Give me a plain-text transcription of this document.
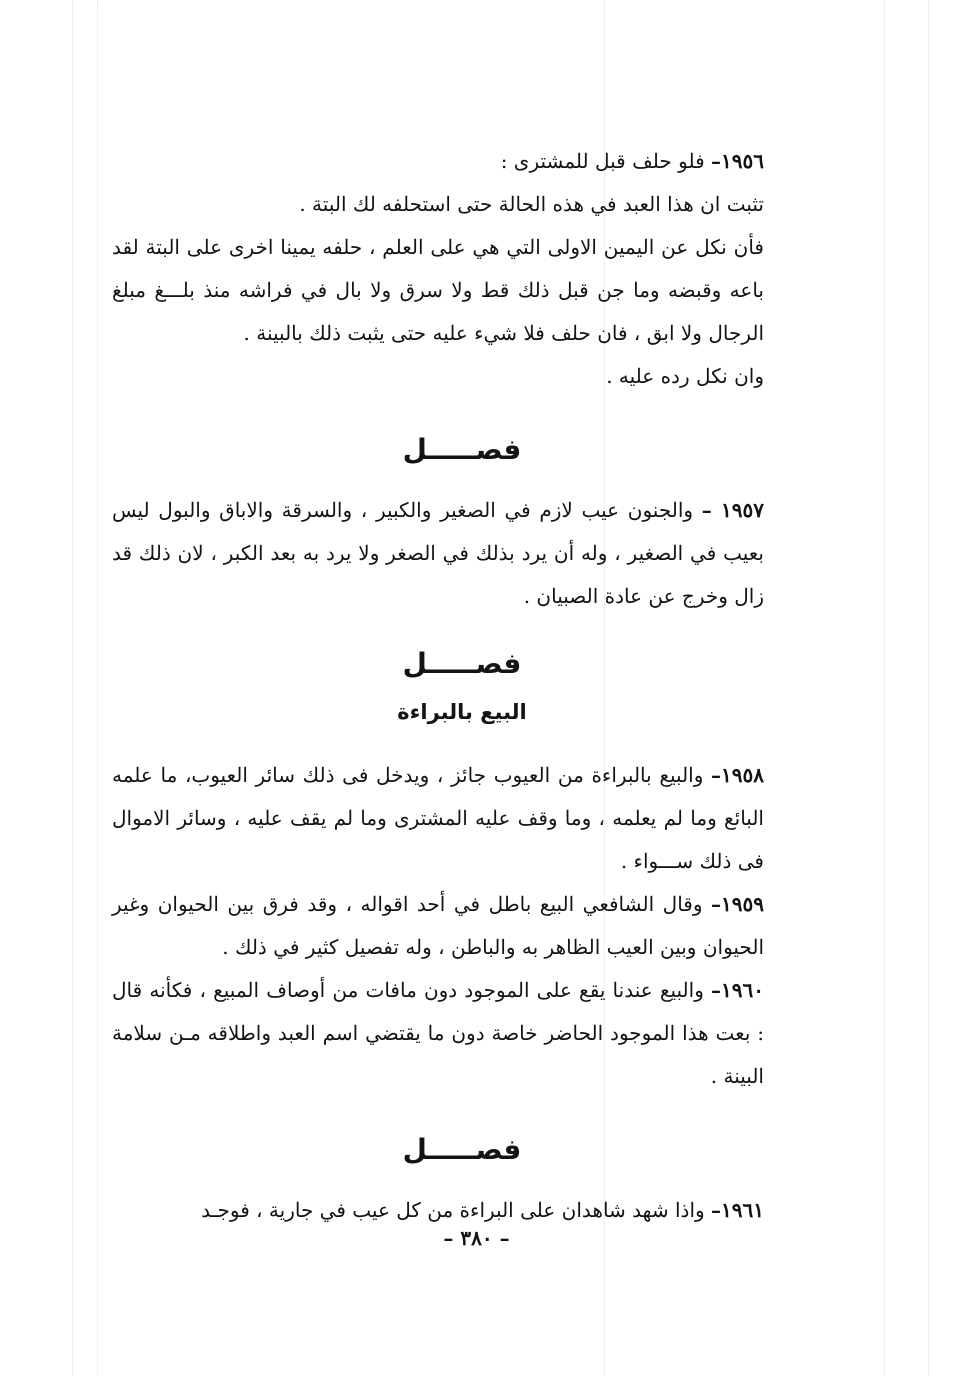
١٩٥٦– فلو حلف قبل للمشترى :
تثبت ان هذا العبد في هذه الحالة حتى استحلفه لك البتة .
فأن نكل عن اليمين الاولى التي هي على العلم ، حلفه يمينا اخرى على البتة لقد باعه وقبضه وما جن قبل ذلك قط ولا سرق ولا بال في فراشه منذ بلـــغ مبلغ الرجال ولا ابق ، فان حلف فلا شيء عليه حتى يثبت ذلك بالبينة .
وان نكل رده عليه .
فصـــــل
١٩٥٧ – والجنون عيب لازم في الصغير والكبير ، والسرقة والاباق والبول ليس بعيب في الصغير ، وله أن يرد بذلك في الصغر ولا يرد به بعد الكبر ، لان ذلك قد زال وخرج عن عادة الصبيان .
فصـــــل
البيع بالبراءة
١٩٥٨– والبيع بالبراءة من العيوب جائز ، ويدخل فى ذلك سائر العيوب، ما علمه البائع وما لم يعلمه ، وما وقف عليه المشترى وما لم يقف عليه ، وسائر الاموال فى ذلك ســـواء .
١٩٥٩– وقال الشافعي البيع باطل في أحد اقواله ، وقد فرق بين الحيوان وغير الحيوان وبين العيب الظاهر به والباطن ، وله تفصيل كثير في ذلك .
١٩٦٠– والبيع عندنا يقع على الموجود دون مافات من أوصاف المبيع ، فكأنه قال : بعت هذا الموجود الحاضر خاصة دون ما يقتضي اسم العبد واطلاقه مـن سلامة البينة .
فصـــــل
١٩٦١– واذا شهد شاهدان على البراءة من كل عيب في جارية ، فوجـد
– ٣٨٠ –
